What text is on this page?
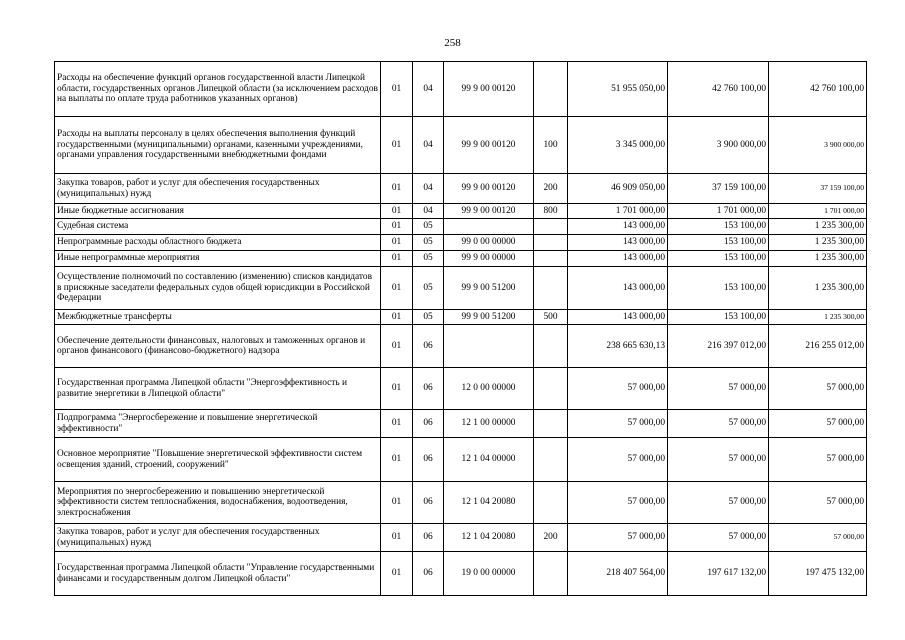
258
Расходы на обеспечение функций органов государственной власти Липецкой области, государственных органов Липецкой области (за исключением расходов на выплаты по оплате труда работников указанных органов)	01	04	99 9 00 00120		51 955 050,00	42 760 100,00	42 760 100,00
Расходы на выплаты персоналу в целях обеспечения выполнения функций государственными (муниципальными) органами, казенными учреждениями, органами управления государственными внебюджетными фондами	01	04	99 9 00 00120	100	3 345 000,00	3 900 000,00	3 900 000,00
Закупка товаров, работ и услуг для обеспечения государственных (муниципальных) нужд	01	04	99 9 00 00120	200	46 909 050,00	37 159 100,00	37 159 100,00
Иные бюджетные ассигнования	01	04	99 9 00 00120	800	1 701 000,00	1 701 000,00	1 701 000,00
Судебная система	01	05			143 000,00	153 100,00	1 235 300,00
Непрограммные расходы областного бюджета	01	05	99 0 00 00000		143 000,00	153 100,00	1 235 300,00
Иные непрограммные мероприятия	01	05	99 9 00 00000		143 000,00	153 100,00	1 235 300,00
Осуществление полномочий по составлению (изменению) списков кандидатов в присяжные заседатели федеральных судов общей юрисдикции в Российской Федерации	01	05	99 9 00 51200		143 000,00	153 100,00	1 235 300,00
Межбюджетные трансферты	01	05	99 9 00 51200	500	143 000,00	153 100,00	1 235 300,00
Обеспечение деятельности финансовых, налоговых и таможенных органов и органов финансового (финансово-бюджетного) надзора	01	06			238 665 630,13	216 397 012,00	216 255 012,00
Государственная программа Липецкой области "Энергоэффективность и развитие энергетики в Липецкой области"	01	06	12 0 00 00000		57 000,00	57 000,00	57 000,00
Подпрограмма "Энергосбережение и повышение энергетической эффективности"	01	06	12 1 00 00000		57 000,00	57 000,00	57 000,00
Основное мероприятие "Повышение энергетической эффективности систем освещения зданий, строений, сооружений"	01	06	12 1 04 00000		57 000,00	57 000,00	57 000,00
Мероприятия по энергосбережению и повышению энергетической эффективности систем теплоснабжения, водоснабжения, водоотведения, электроснабжения	01	06	12 1 04 20080		57 000,00	57 000,00	57 000,00
Закупка товаров, работ и услуг для обеспечения государственных (муниципальных) нужд	01	06	12 1 04 20080	200	57 000,00	57 000,00	57 000,00
Государственная программа Липецкой области "Управление государственными финансами и государственным долгом Липецкой области"	01	06	19 0 00 00000		218 407 564,00	197 617 132,00	197 475 132,00
